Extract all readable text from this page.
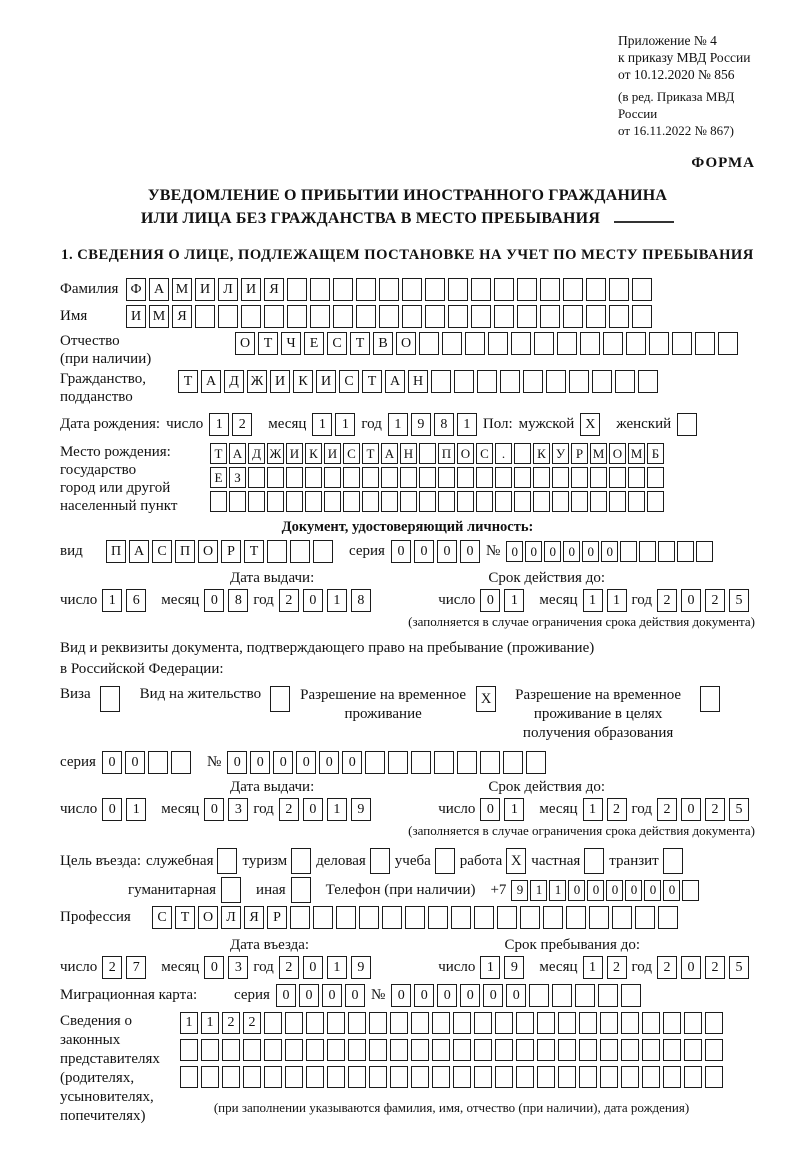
Приложение № 4
к приказу МВД России
от 10.12.2020 № 856
(в ред. Приказа МВД России
от 16.11.2022 № 867)
ФОРМА
УВЕДОМЛЕНИЕ О ПРИБЫТИИ ИНОСТРАННОГО ГРАЖДАНИНА
ИЛИ ЛИЦА БЕЗ ГРАЖДАНСТВА В МЕСТО ПРЕБЫВАНИЯ
1. СВЕДЕНИЯ О ЛИЦЕ, ПОДЛЕЖАЩЕМ ПОСТАНОВКЕ НА УЧЕТ ПО МЕСТУ ПРЕБЫВАНИЯ
Фамилия Ф А М И Л И Я
Имя	И М Я
Отчество
(при наличии)
О Т	Ч	Е	С	Т	В О
Гражданство,
подданство
Т А Д Ж И К И С	Т А Н
Дата рождения: число 1	2	месяц 1	1 год 1	9	8	1 Пол: мужской X	женский
Место рождения:
государство
город или другой
населенный пункт
Т А Д Ж И К И С Т А Н П О С	.	К У Р М О М Б
Е З
Документ, удостоверяющий личность:
вид	П А С П О	Р	Т	серия 0	0	0	0 № 0 0 0 0 0 0
Дата выдачи:	Срок действия до:
число 1	6	месяц 0	8 год 2	0	1	8	число 0	1	месяц 1	1 год 2	0	2	5
(заполняется в случае ограничения срока действия документа)
Вид и реквизиты документа, подтверждающего право на пребывание (проживание)
в Российской Федерации:
Виза	Вид на жительство	Разрешение на временное проживание
X	Разрешение на временное проживание в целях получения образования
серия 0	0	№ 0	0	0	0	0	0
Дата выдачи:	Срок действия до:
число 0	1	месяц 0	3 год 2	0	1	9	число 0	1	месяц 1	2 год 2	0	2	5
(заполняется в случае ограничения срока действия документа)
Цель въезда: служебная туризм деловая учеба работа X частная транзит
гуманитарная	иная	Телефон (при наличии) +7 9 1 1 0 0 0 0 0 0
Профессия	С	Т О Л Я	Р
Дата въезда:	Срок пребывания до:
число 2	7	месяц 0	3 год 2	0	1	9	число 1	9	месяц 1	2 год 2	0	2	5
Миграционная карта:	серия 0	0	0	0 № 0	0	0	0	0	0
Сведения о
законных
представителях
(родителях,
усыновителях,
попечителях)
1	1	2	2
(при заполнении указываются фамилия, имя, отчество (при наличии), дата рождения)
